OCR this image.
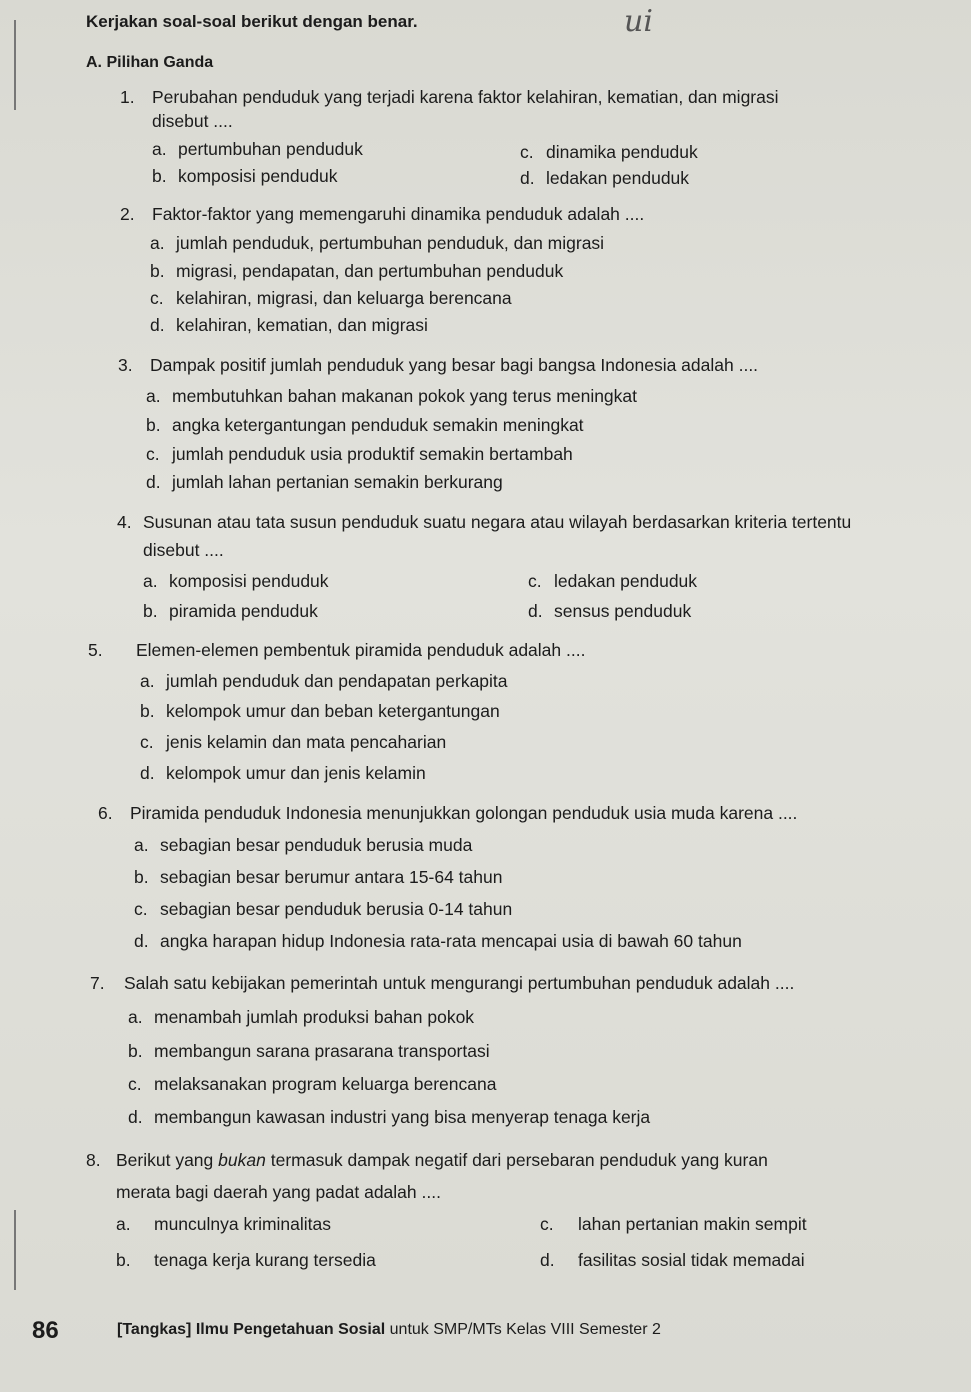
Kerjakan soal-soal berikut dengan benar.	ui
A. Pilihan Ganda
1. Perubahan penduduk yang terjadi karena faktor kelahiran, kematian, dan migrasi
disebut ....
a. pertumbuhan penduduk
b. komposisi penduduk
c. dinamika penduduk
d. ledakan penduduk
2. Faktor-faktor yang memengaruhi dinamika penduduk adalah ....
a. jumlah penduduk, pertumbuhan penduduk, dan migrasi
b. migrasi, pendapatan, dan pertumbuhan penduduk
c. kelahiran, migrasi, dan keluarga berencana
d. kelahiran, kematian, dan migrasi
3. Dampak positif jumlah penduduk yang besar bagi bangsa Indonesia adalah ....
a. membutuhkan bahan makanan pokok yang terus meningkat
b. angka ketergantungan penduduk semakin meningkat
c. jumlah penduduk usia produktif semakin bertambah
d. jumlah lahan pertanian semakin berkurang
4. Susunan atau tata susun penduduk suatu negara atau wilayah berdasarkan kriteria tertentu
disebut ....
a. komposisi penduduk
b. piramida penduduk
c. ledakan penduduk
d. sensus penduduk
5. Elemen-elemen pembentuk piramida penduduk adalah ....
a. jumlah penduduk dan pendapatan perkapita
b. kelompok umur dan beban ketergantungan
c. jenis kelamin dan mata pencaharian
d. kelompok umur dan jenis kelamin
6. Piramida penduduk Indonesia menunjukkan golongan penduduk usia muda karena ....
a. sebagian besar penduduk berusia muda
b. sebagian besar berumur antara 15-64 tahun
c. sebagian besar penduduk berusia 0-14 tahun
d. angka harapan hidup Indonesia rata-rata mencapai usia di bawah 60 tahun
7. Salah satu kebijakan pemerintah untuk mengurangi pertumbuhan penduduk adalah ....
a. menambah jumlah produksi bahan pokok
b. membangun sarana prasarana transportasi
c. melaksanakan program keluarga berencana
d. membangun kawasan industri yang bisa menyerap tenaga kerja
8. Berikut yang bukan termasuk dampak negatif dari persebaran penduduk yang kuran
merata bagi daerah yang padat adalah ....
a. munculnya kriminalitas
b. tenaga kerja kurang tersedia
c. lahan pertanian makin sempit
d. fasilitas sosial tidak memadai
86	[Tangkas] Ilmu Pengetahuan Sosial untuk SMP/MTs Kelas VIII Semester 2
